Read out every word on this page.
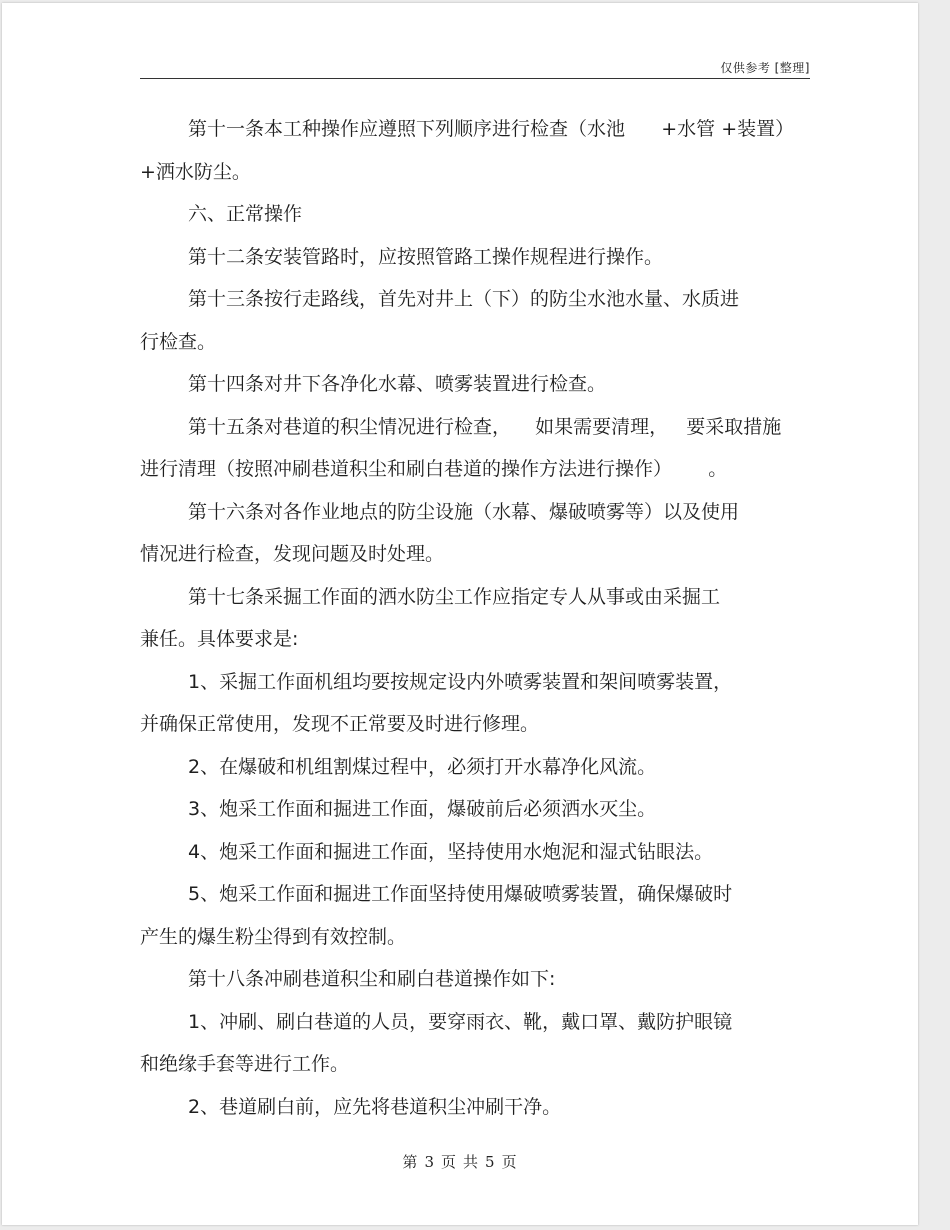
仅供参考 [整理]
第十一条本工种操作应遵照下列顺序进行检查（水池      +水管 +装置）
+洒水防尘。
六、正常操作
第十二条安装管路时，应按照管路工操作规程进行操作。
第十三条按行走路线，首先对井上（下）的防尘水池水量、水质进
行检查。
第十四条对井下各净化水幕、喷雾装置进行检查。
第十五条对巷道的积尘情况进行检查，    如果需要清理，   要采取措施
进行清理（按照冲刷巷道积尘和刷白巷道的操作方法进行操作）      。
第十六条对各作业地点的防尘设施（水幕、爆破喷雾等）以及使用
情况进行检查，发现问题及时处理。
第十七条采掘工作面的洒水防尘工作应指定专人从事或由采掘工
兼任。具体要求是:
1、采掘工作面机组均要按规定设内外喷雾装置和架间喷雾装置，
并确保正常使用，发现不正常要及时进行修理。
2、在爆破和机组割煤过程中，必须打开水幕净化风流。
3、炮采工作面和掘进工作面，爆破前后必须洒水灭尘。
4、炮采工作面和掘进工作面，坚持使用水炮泥和湿式钻眼法。
5、炮采工作面和掘进工作面坚持使用爆破喷雾装置，确保爆破时
产生的爆生粉尘得到有效控制。
第十八条冲刷巷道积尘和刷白巷道操作如下:
1、冲刷、刷白巷道的人员，要穿雨衣、靴，戴口罩、戴防护眼镜
和绝缘手套等进行工作。
2、巷道刷白前，应先将巷道积尘冲刷干净。
第 3 页 共 5 页
